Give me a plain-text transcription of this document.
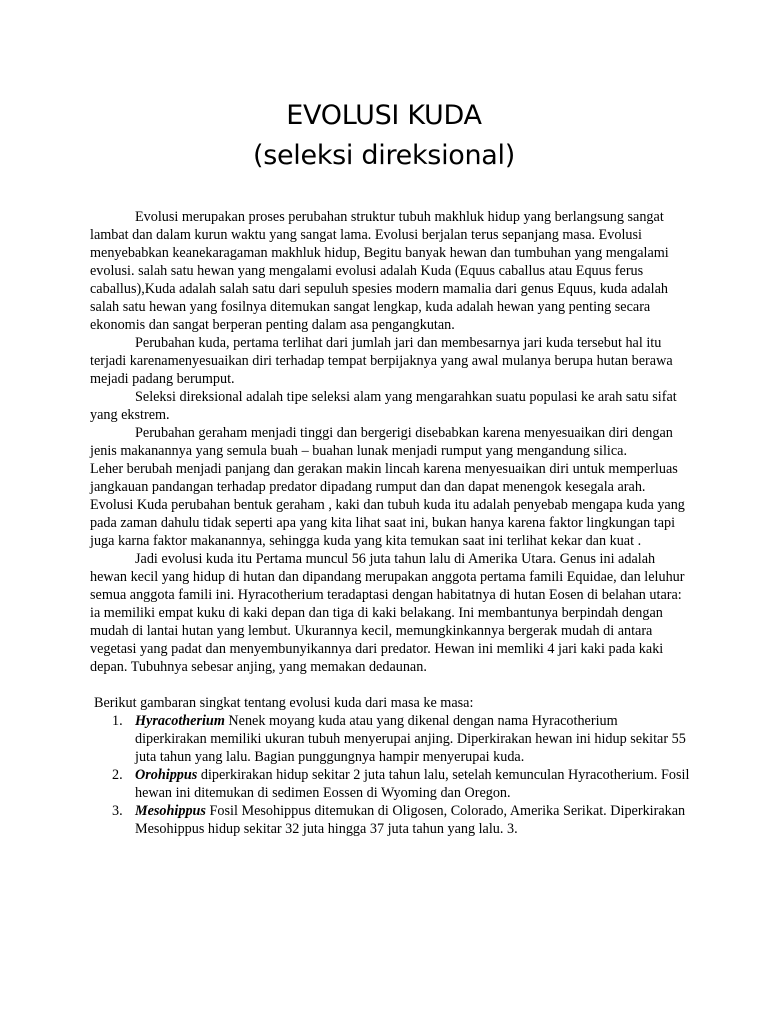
EVOLUSI KUDA
(seleksi direksional)

Evolusi merupakan proses perubahan struktur tubuh makhluk hidup yang berlangsung sangat lambat dan dalam kurun waktu yang sangat lama. Evolusi berjalan terus sepanjang masa. Evolusi menyebabkan keanekaragaman makhluk hidup, Begitu banyak hewan dan tumbuhan yang mengalami evolusi. salah satu hewan yang mengalami evolusi adalah Kuda (Equus caballus atau Equus ferus caballus),Kuda adalah salah satu dari sepuluh spesies modern mamalia dari genus Equus, kuda adalah salah satu hewan yang fosilnya ditemukan sangat lengkap, kuda adalah hewan yang penting secara ekonomis dan sangat berperan penting dalam asa pengangkutan.

Perubahan kuda, pertama terlihat dari jumlah jari dan membesarnya jari kuda tersebut hal itu terjadi karenamenyesuaikan diri terhadap tempat berpijaknya yang awal mulanya berupa hutan berawa mejadi padang berumput.

Seleksi direksional adalah tipe seleksi alam yang mengarahkan suatu populasi ke arah satu sifat yang ekstrem.

Perubahan geraham menjadi tinggi dan bergerigi disebabkan karena menyesuaikan diri dengan jenis makanannya yang semula buah – buahan lunak menjadi rumput yang mengandung silica.

Leher berubah menjadi panjang dan gerakan makin lincah karena menyesuaikan diri untuk memperluas jangkauan pandangan terhadap predator dipadang rumput dan dan dapat menengok kesegala arah. Evolusi Kuda perubahan bentuk geraham , kaki dan tubuh kuda itu adalah penyebab mengapa kuda yang pada zaman dahulu tidak seperti apa yang kita lihat saat ini, bukan hanya karena faktor lingkungan tapi juga karna faktor makanannya, sehingga kuda yang kita temukan saat ini terlihat kekar dan kuat .

Jadi evolusi kuda itu Pertama muncul 56 juta tahun lalu di Amerika Utara. Genus ini adalah hewan kecil yang hidup di hutan dan dipandang merupakan anggota pertama famili Equidae, dan leluhur semua anggota famili ini. Hyracotherium teradaptasi dengan habitatnya di hutan Eosen di belahan utara: ia memiliki empat kuku di kaki depan dan tiga di kaki belakang. Ini membantunya berpindah dengan mudah di lantai hutan yang lembut. Ukurannya kecil, memungkinkannya bergerak mudah di antara vegetasi yang padat dan menyembunyikannya dari predator. Hewan ini memliki 4 jari kaki pada kaki depan. Tubuhnya sebesar anjing, yang memakan dedaunan.

Berikut gambaran singkat tentang evolusi kuda dari masa ke masa:

1. Hyracotherium Nenek moyang kuda atau yang dikenal dengan nama Hyracotherium diperkirakan memiliki ukuran tubuh menyerupai anjing. Diperkirakan hewan ini hidup sekitar 55 juta tahun yang lalu. Bagian punggungnya hampir menyerupai kuda.
2. Orohippus diperkirakan hidup sekitar 2 juta tahun lalu, setelah kemunculan Hyracotherium. Fosil hewan ini ditemukan di sedimen Eossen di Wyoming dan Oregon.
3. Mesohippus Fosil Mesohippus ditemukan di Oligosen, Colorado, Amerika Serikat. Diperkirakan Mesohippus hidup sekitar 32 juta hingga 37 juta tahun yang lalu. 3.
